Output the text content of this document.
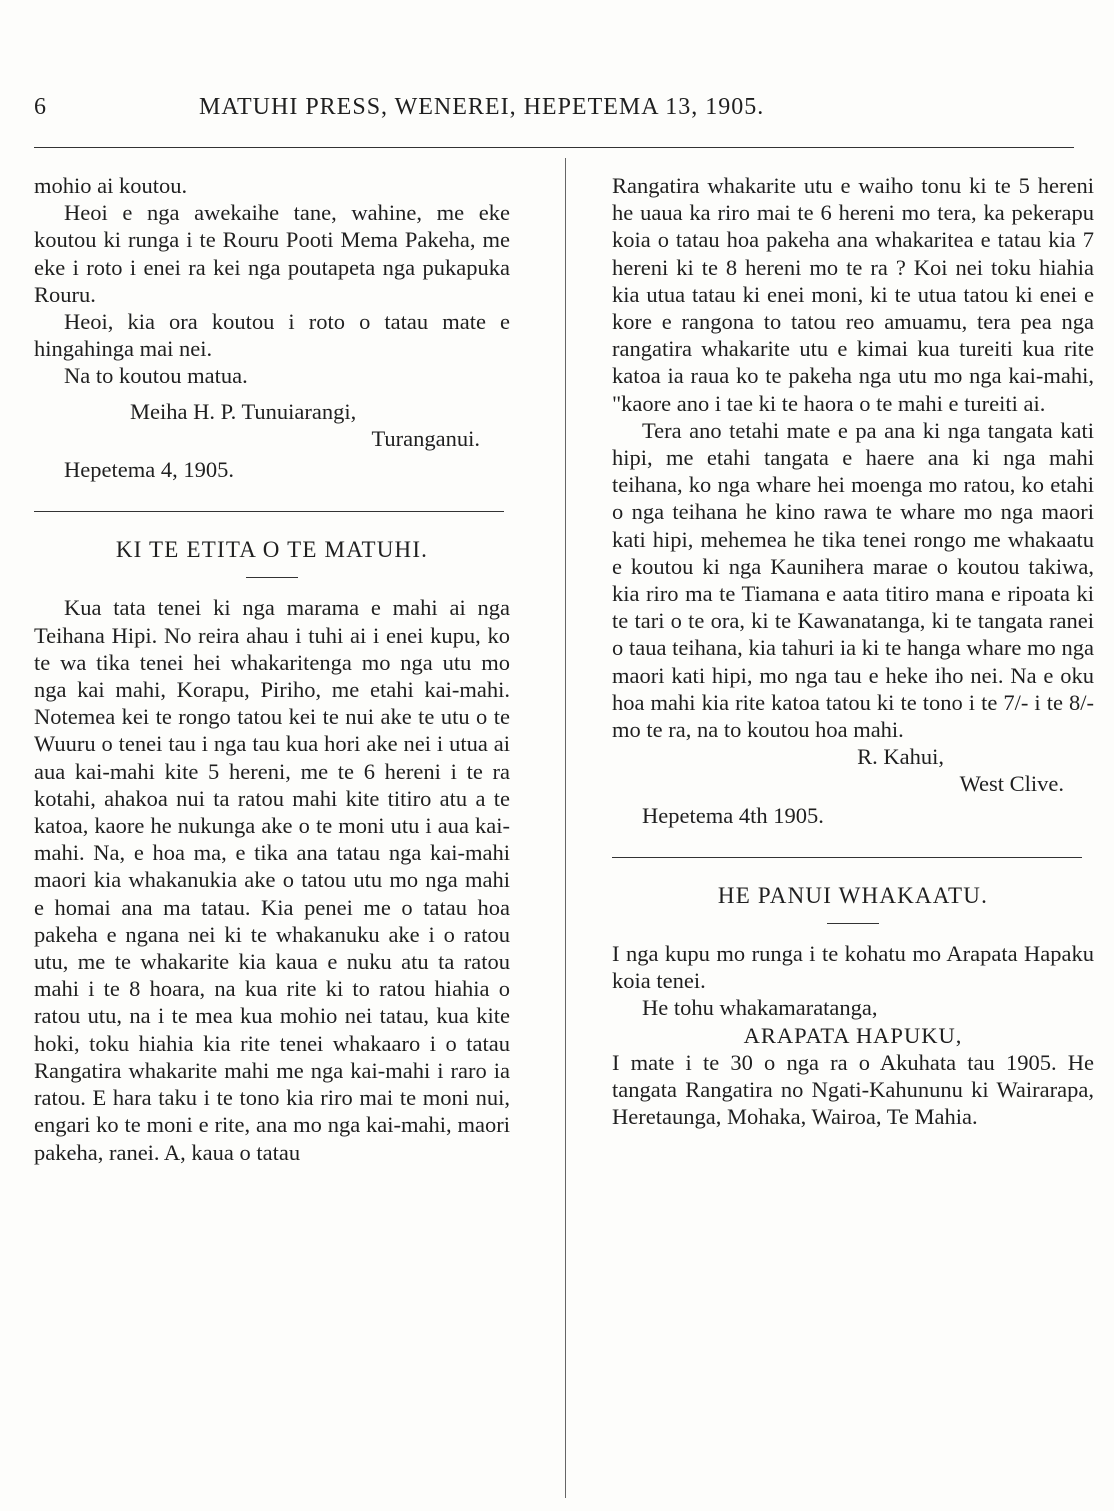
6	MATUHI PRESS, WENEREI, HEPETEMA 13, 1905.

mohio ai koutou.

Heoi e nga awekaihe tane, wahine, me eke koutou ki runga i te Rouru Pooti Mema Pakeha, me eke i roto i enei ra kei nga poutapeta nga pukapuka Rouru.

Heoi, kia ora koutou i roto o tatau mate e hingahinga mai nei.

Na to koutou matua.

Meiha H. P. Tunuiarangi,
Turanganui.

Hepetema 4, 1905.

KI TE ETITA O TE MATUHI.

Kua tata tenei ki nga marama e mahi ai nga Teihana Hipi. No reira ahau i tuhi ai i enei kupu, ko te wa tika tenei hei whakaritenga mo nga utu mo nga kai mahi, Korapu, Piriho, me etahi kai-mahi. Notemea kei te rongo tatou kei te nui ake te utu o te Wuuru o tenei tau i nga tau kua hori ake nei i utua ai aua kai-mahi kite 5 hereni, me te 6 hereni i te ra kotahi, ahakoa nui ta ratou mahi kite titiro atu a te katoa, kaore he nukunga ake o te moni utu i aua kai-mahi. Na, e hoa ma, e tika ana tatau nga kai-mahi maori kia whakanukia ake o tatou utu mo nga mahi e homai ana ma tatau. Kia penei me o tatau hoa pakeha e ngana nei ki te whakanuku ake i o ratou utu, me te whakarite kia kaua e nuku atu ta ratou mahi i te 8 hoara, na kua rite ki to ratou hiahia o ratou utu, na i te mea kua mohio nei tatau, kua kite hoki, toku hiahia kia rite tenei whakaaro i o tatau Rangatira whakarite mahi me nga kai-mahi i raro ia ratou. E hara taku i te tono kia riro mai te moni nui, engari ko te moni e rite, ana mo nga kai-mahi, maori pakeha, ranei. A, kaua o tatau

Rangatira whakarite utu e waiho tonu ki te 5 hereni he uaua ka riro mai te 6 hereni mo tera, ka pekerapu koia o tatau hoa pakeha ana whakaritea e tatau kia 7 hereni ki te 8 hereni mo te ra ? Koi nei toku hiahia kia utua tatau ki enei moni, ki te utua tatou ki enei e kore e rangona to tatou reo amuamu, tera pea nga rangatira whakarite utu e kimai kua tureiti kua rite katoa ia raua ko te pakeha nga utu mo nga kai-mahi, "kaore ano i tae ki te haora o te mahi e tureiti ai.

Tera ano tetahi mate e pa ana ki nga tangata kati hipi, me etahi tangata e haere ana ki nga mahi teihana, ko nga whare hei moenga mo ratou, ko etahi o nga teihana he kino rawa te whare mo nga maori kati hipi, mehemea he tika tenei rongo me whakaatu e koutou ki nga Kaunihera marae o koutou takiwa, kia riro ma te Tiamana e aata titiro mana e ripoata ki te tari o te ora, ki te Kawanatanga, ki te tangata ranei o taua teihana, kia tahuri ia ki te hanga whare mo nga maori kati hipi, mo nga tau e heke iho nei. Na e oku hoa mahi kia rite katoa tatou ki te tono i te 7/- i te 8/- mo te ra, na to koutou hoa mahi.

R. Kahui,

West Clive.

Hepetema 4th 1905.

HE PANUI WHAKAATU.

I nga kupu mo runga i te kohatu mo Arapata Hapaku koia tenei.

He tohu whakamaratanga,

ARAPATA HAPUKU,

I mate i te 30 o nga ra o Akuhata tau 1905. He tangata Rangatira no Ngati-Kahununu ki Wairarapa, Heretaunga, Mohaka, Wairoa, Te Mahia.
